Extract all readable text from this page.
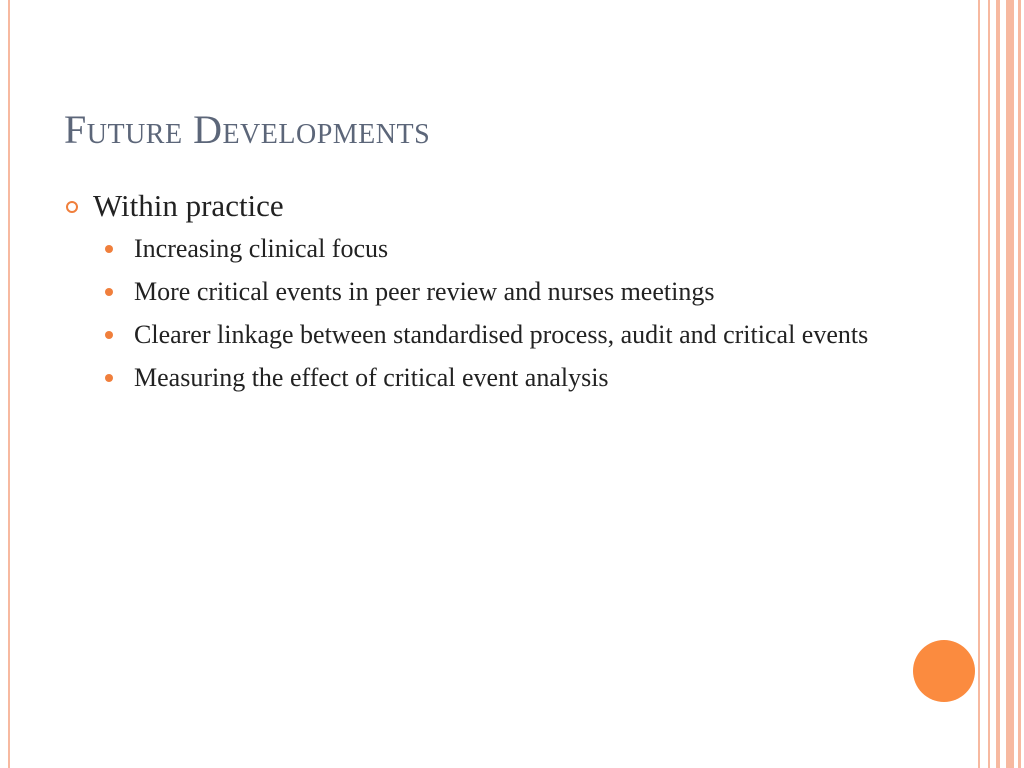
Future Developments
Within practice
Increasing clinical focus
More critical events in peer review and nurses meetings
Clearer linkage between standardised process, audit and critical events
Measuring the effect of critical event analysis
